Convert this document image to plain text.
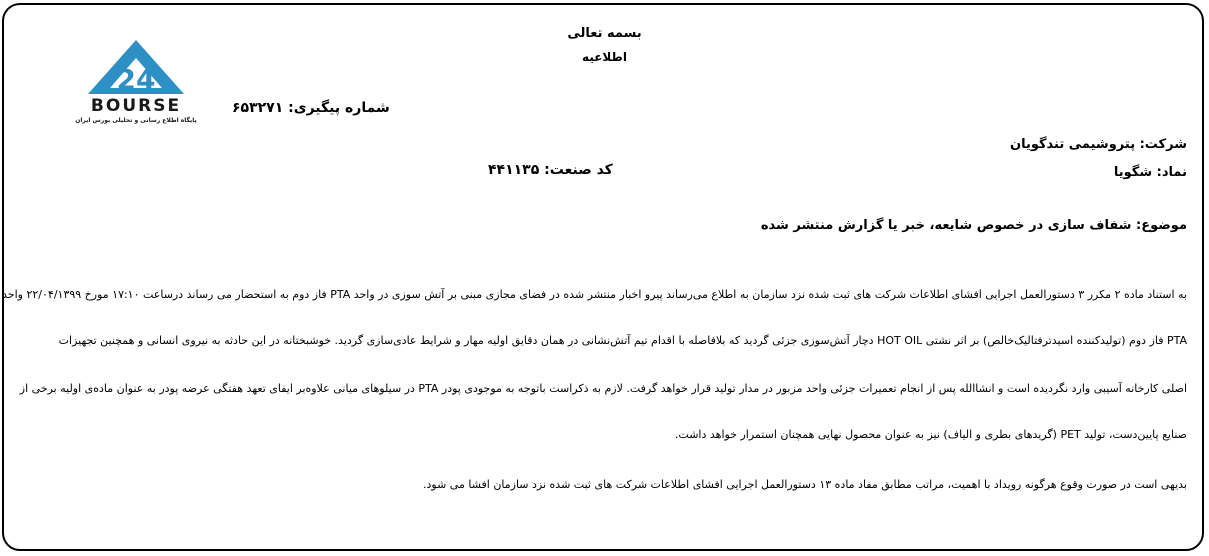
بسمه تعالی
اطلاعیه
24
BOURSE
پایگاه اطلاع رسانی و تحلیلی بورس ایران
شماره پیگیری: ۶۵۳۲۷۱
شرکت: پتروشیمی تندگویان
نماد: شگویا
کد صنعت: ۴۴۱۱۳۵
موضوع: شفاف سازی در خصوص شایعه، خبر یا گزارش منتشر شده
به استناد ماده ۲ مکرر ۳ دستورالعمل اجرایی افشای اطلاعات شرکت های ثبت شده نزد سازمان به اطلاع می‌رساند پیرو اخبار منتشر شده در فضای مجازی مبنی بر آتش سوزی در واحد PTA فاز دوم به استحضار می رساند درساعت ۱۷:۱۰ مورخ ۲۲/۰۴/۱۳۹۹ واحد
PTA فاز دوم (تولیدکننده اسیدترفتالیک‌خالص) بر اثر نشتی HOT OIL دچار آتش‌سوزی جزئی گردید که بلافاصله با اقدام تیم آتش‌نشانی در همان دقایق اولیه مهار و شرایط عادی‌سازی گردید. خوشبختانه در این حادثه به نیروی انسانی و همچنین تجهیزات
اصلی کارخانه آسیبی وارد نگردیده است و انشاالله پس از انجام تعمیرات جزئی واحد مزبور در مدار تولید قرار خواهد گرفت. لازم به ذکراست باتوجه به موجودی پودر PTA در سیلوهای میانی علاوه‌بر ایفای تعهد هفتگی عرضه پودر به عنوان ماده‌ی اولیه برخی از
صنایع پایین‌دست، تولید PET (گریدهای بطری و الیاف) نیز به عنوان محصول نهایی همچنان استمرار خواهد داشت.
بدیهی است در صورت وقوع هرگونه رویداد با اهمیت، مراتب مطابق مفاد ماده ۱۳ دستورالعمل اجرایی افشای اطلاعات شرکت های ثبت شده نزد سازمان افشا می شود.
